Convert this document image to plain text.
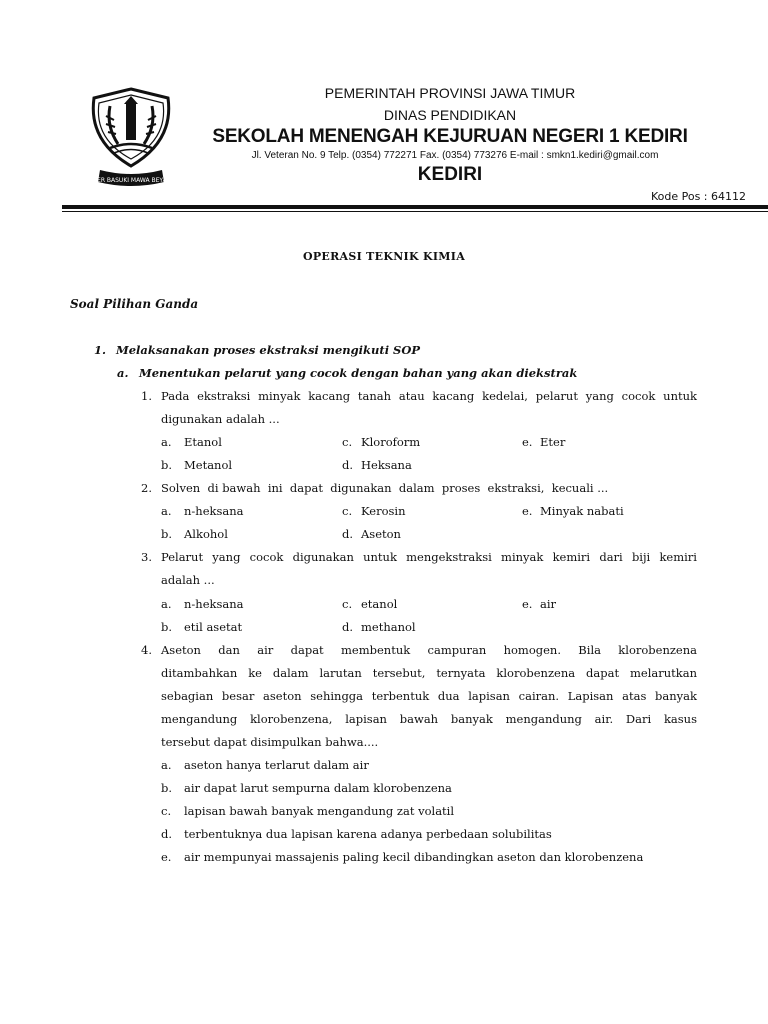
JER BASUKI MAWA BEYA
PEMERINTAH PROVINSI JAWA TIMUR
DINAS PENDIDIKAN
SEKOLAH MENENGAH KEJURUAN NEGERI 1 KEDIRI
Jl. Veteran No. 9 Telp. (0354) 772271 Fax. (0354) 773276 E-mail : smkn1.kediri@gmail.com
KEDIRI
Kode Pos : 64112
OPERASI TEKNIK KIMIA
Soal Pilihan Ganda
1. Melaksanakan proses ekstraksi mengikuti SOP
a. Menentukan pelarut yang cocok dengan bahan yang akan diekstrak
1. Pada ekstraksi minyak kacang tanah atau kacang kedelai, pelarut yang cocok untuk
digunakan adalah ...
a. Etanol
b. Metanol
c. Kloroform
d. Heksana
e. Eter
2. Solven  di bawah  ini  dapat  digunakan  dalam  proses  ekstraksi,  kecuali ...
a. n-heksana
b. Alkohol
c. Kerosin
d. Aseton
e. Minyak nabati
3. Pelarut yang cocok digunakan untuk mengekstraksi minyak kemiri dari biji kemiri
adalah ...
a. n-heksana
b. etil asetat
c. etanol
d. methanol
e. air
4. Aseton dan air dapat membentuk campuran homogen. Bila klorobenzena
ditambahkan ke dalam larutan tersebut, ternyata klorobenzena dapat melarutkan
sebagian besar aseton sehingga terbentuk dua lapisan cairan. Lapisan atas banyak
mengandung klorobenzena, lapisan bawah banyak mengandung air. Dari kasus
tersebut dapat disimpulkan bahwa....
a. aseton hanya terlarut dalam air
b. air dapat larut sempurna dalam klorobenzena
c. lapisan bawah banyak mengandung zat volatil
d. terbentuknya dua lapisan karena adanya perbedaan solubilitas
e. air mempunyai massajenis paling kecil dibandingkan aseton dan klorobenzena
